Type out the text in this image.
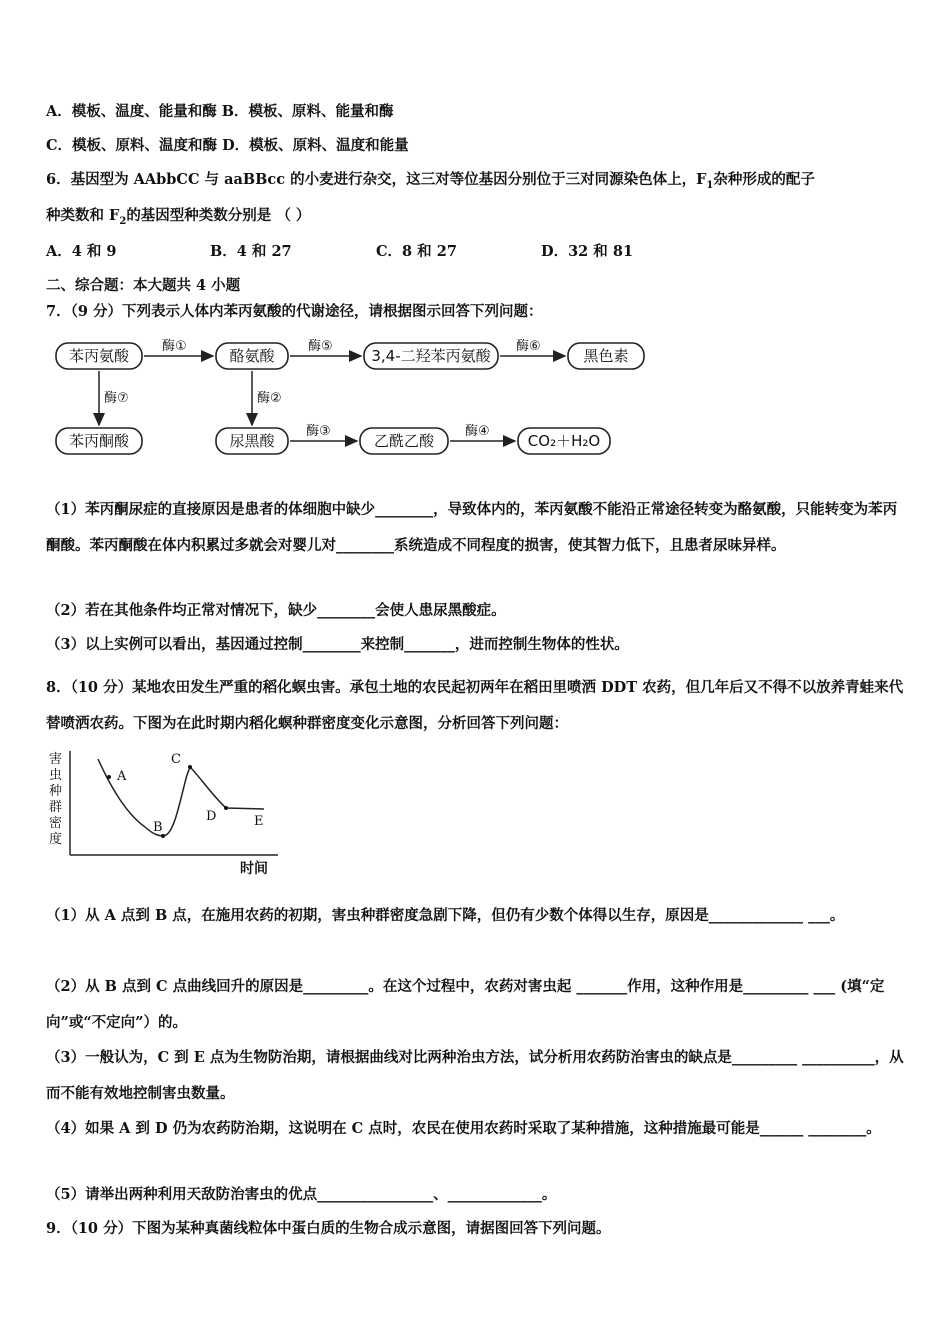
A．模板、温度、能量和酶 B．模板、原料、能量和酶
C．模板、原料、温度和酶 D．模板、原料、温度和能量
6．基因型为 AAbbCC 与 aaBBcc 的小麦进行杂交，这三对等位基因分别位于三对同源染色体上，$F_1$杂种形成的配子
种类数和 $F_2$的基因型种类数分别是 （ ）
A．4 和 9	B．4 和 27	C．8 和 27	D．32 和 81
二、综合题：本大题共 4 小题
7．（9 分）下列表示人体内苯丙氨酸的代谢途径，请根据图示回答下列问题：
苯丙氨酸	酪氨酸	3,4-二羟苯丙氨酸	黑色素
酶①	酶⑤	酶⑥
酶⑦	酶②
苯丙酮酸	尿黑酸	乙酰乙酸	CO₂＋H₂O
酶③	酶④
（1）苯丙酮尿症的直接原因是患者的体细胞中缺少________，导致体内的，苯丙氨酸不能沿正常途径转变为酪氨酸，只能转变为苯丙酮酸。苯丙酮酸在体内积累过多就会对婴儿对________系统造成不同程度的损害，使其智力低下，且患者尿味异样。
（2）若在其他条件均正常对情况下，缺少________会使人患尿黑酸症。
（3）以上实例可以看出，基因通过控制________来控制_______，进而控制生物体的性状。
8．（10 分）某地农田发生严重的稻化螟虫害。承包土地的农民起初两年在稻田里喷洒 DDT 农药，但几年后又不得不以放养青蛙来代替喷洒农药。下图为在此时期内稻化螟种群密度变化示意图，分析回答下列问题：
害
虫
种
群
密
度
A
B
C
D	E
时间
（1）从 A 点到 B 点，在施用农药的初期，害虫种群密度急剧下降，但仍有少数个体得以生存，原因是_____________ ___。
（2）从 B 点到 C 点曲线回升的原因是_________。在这个过程中，农药对害虫起 _______作用，这种作用是_________ ___ (填“定向”或“不定向”）的。
（3）一般认为，C 到 E 点为生物防治期，请根据曲线对比两种治虫方法，试分析用农药防治害虫的缺点是_________ __________，从而不能有效地控制害虫数量。
（4）如果 A 到 D 仍为农药防治期，这说明在 C 点时，农民在使用农药时采取了某种措施，这种措施最可能是______ ________。
（5）请举出两种利用天敌防治害虫的优点________________、_____________。
9．（10 分）下图为某种真菌线粒体中蛋白质的生物合成示意图，请据图回答下列问题。
